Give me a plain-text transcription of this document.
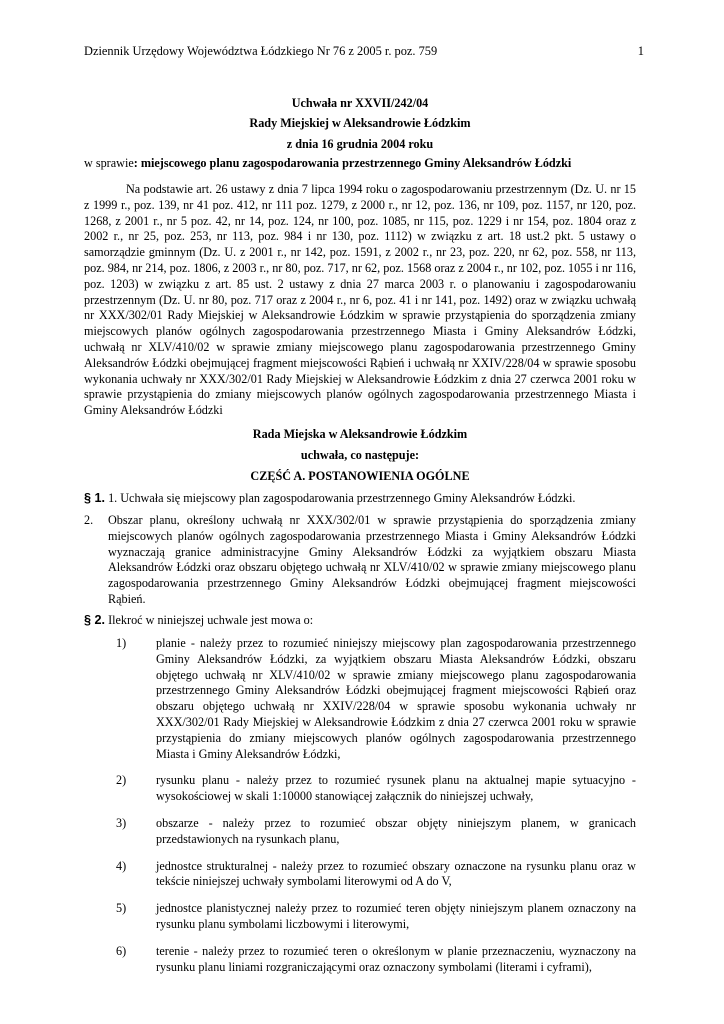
Dziennik Urzędowy Województwa Łódzkiego Nr 76 z 2005 r. poz. 759	1
Uchwała nr XXVII/242/04
Rady Miejskiej w Aleksandrowie Łódzkim
z dnia 16 grudnia 2004 roku
w sprawie: miejscowego planu zagospodarowania przestrzennego Gminy Aleksandrów Łódzki
Na podstawie art. 26 ustawy z dnia 7 lipca 1994 roku o zagospodarowaniu przestrzennym (Dz. U. nr 15 z 1999 r., poz. 139, nr 41 poz. 412, nr 111 poz. 1279, z 2000 r., nr 12, poz. 136, nr 109, poz. 1157, nr 120, poz. 1268, z 2001 r., nr 5 poz. 42, nr 14, poz. 124, nr 100, poz. 1085, nr 115, poz. 1229 i nr 154, poz. 1804 oraz z 2002 r., nr 25, poz. 253, nr 113, poz. 984 i nr 130, poz. 1112) w związku z art. 18 ust.2 pkt. 5 ustawy o samorządzie gminnym (Dz. U. z 2001 r., nr 142, poz. 1591, z 2002 r., nr 23, poz. 220, nr 62, poz. 558, nr 113, poz. 984, nr 214, poz. 1806, z 2003 r., nr 80, poz. 717, nr 62, poz. 1568 oraz z 2004 r., nr 102, poz. 1055 i nr 116, poz. 1203) w związku z art. 85 ust. 2 ustawy z dnia 27 marca 2003 r. o planowaniu i zagospodarowaniu przestrzennym (Dz. U. nr 80, poz. 717 oraz z 2004 r., nr 6, poz. 41 i nr 141, poz. 1492) oraz w związku uchwałą nr XXX/302/01 Rady Miejskiej w Aleksandrowie Łódzkim w sprawie przystąpienia do sporządzenia zmiany miejscowych planów ogólnych zagospodarowania przestrzennego Miasta i Gminy Aleksandrów Łódzki, uchwałą nr XLV/410/02 w sprawie zmiany miejscowego planu zagospodarowania przestrzennego Gminy Aleksandrów Łódzki obejmującej fragment miejscowości Rąbień i uchwałą nr XXIV/228/04 w sprawie sposobu wykonania uchwały nr XXX/302/01 Rady Miejskiej w Aleksandrowie Łódzkim z dnia 27 czerwca 2001 roku w sprawie przystąpienia do zmiany miejscowych planów ogólnych zagospodarowania przestrzennego Miasta i Gminy Aleksandrów Łódzki
Rada Miejska w Aleksandrowie Łódzkim
uchwała, co następuje:
CZĘŚĆ A. POSTANOWIENIA OGÓLNE
§ 1. 1. Uchwała się miejscowy plan zagospodarowania przestrzennego Gminy Aleksandrów Łódzki.
2. Obszar planu, określony uchwałą nr XXX/302/01 w sprawie przystąpienia do sporządzenia zmiany miejscowych planów ogólnych zagospodarowania przestrzennego Miasta i Gminy Aleksandrów Łódzki wyznaczają granice administracyjne Gminy Aleksandrów Łódzki za wyjątkiem obszaru Miasta Aleksandrów Łódzki oraz obszaru objętego uchwałą nr XLV/410/02 w sprawie zmiany miejscowego planu zagospodarowania przestrzennego Gminy Aleksandrów Łódzki obejmującej fragment miejscowości Rąbień.
§ 2. Ilekroć w niniejszej uchwale jest mowa o:
1) planie - należy przez to rozumieć niniejszy miejscowy plan zagospodarowania przestrzennego Gminy Aleksandrów Łódzki, za wyjątkiem obszaru Miasta Aleksandrów Łódzki, obszaru objętego uchwałą nr XLV/410/02 w sprawie zmiany miejscowego planu zagospodarowania przestrzennego Gminy Aleksandrów Łódzki obejmującej fragment miejscowości Rąbień oraz obszaru objętego uchwałą nr XXIV/228/04 w sprawie sposobu wykonania uchwały nr XXX/302/01 Rady Miejskiej w Aleksandrowie Łódzkim z dnia 27 czerwca 2001 roku w sprawie przystąpienia do zmiany miejscowych planów ogólnych zagospodarowania przestrzennego Miasta i Gminy Aleksandrów Łódzki,
2) rysunku planu - należy przez to rozumieć rysunek planu na aktualnej mapie sytuacyjno - wysokościowej w skali 1:10000 stanowiącej załącznik do niniejszej uchwały,
3) obszarze - należy przez to rozumieć obszar objęty niniejszym planem, w granicach przedstawionych na rysunkach planu,
4) jednostce strukturalnej - należy przez to rozumieć obszary oznaczone na rysunku planu oraz w tekście niniejszej uchwały symbolami literowymi od A do V,
5) jednostce planistycznej należy przez to rozumieć teren objęty niniejszym planem oznaczony na rysunku planu symbolami liczbowymi i literowymi,
6) terenie - należy przez to rozumieć teren o określonym w planie przeznaczeniu, wyznaczony na rysunku planu liniami rozgraniczającymi oraz oznaczony symbolami (literami i cyframi),
